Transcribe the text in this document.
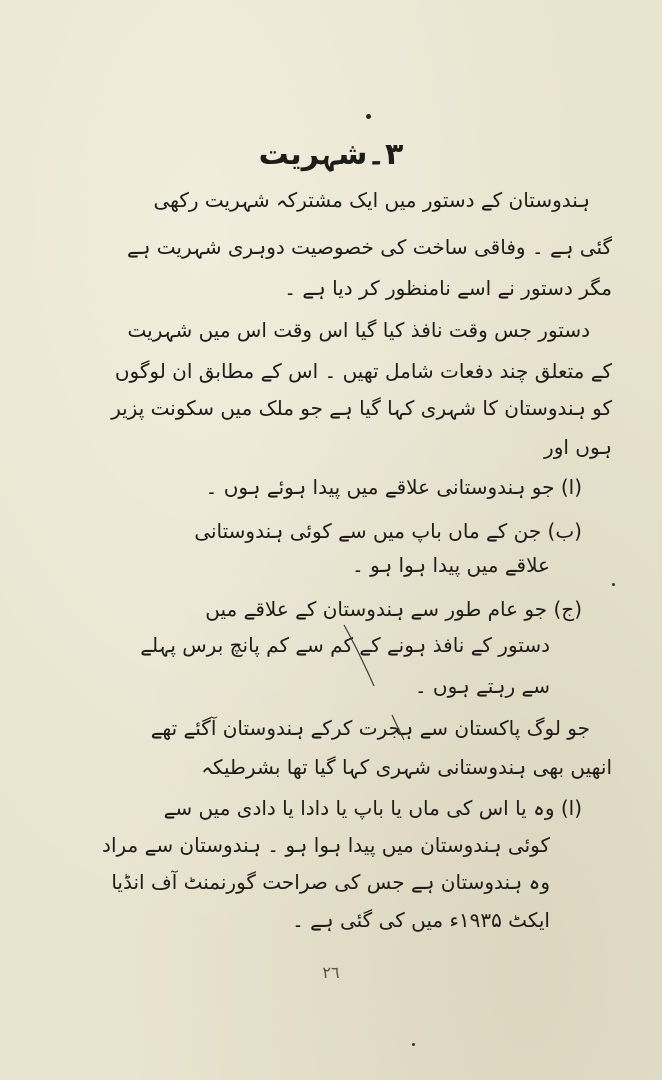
٣۔شہریت
ہندوستان کے دستور میں ایک مشترکہ شہریت رکھی
گئی ہے ۔ وفاقی ساخت کی خصوصیت دوہری شہریت ہے
مگر دستور نے اسے نامنظور کر دیا ہے ۔
دستور جس وقت نافذ کیا گیا اس وقت اس میں شہریت
کے متعلق چند دفعات شامل تھیں ۔ اس کے مطابق ان لوگوں
کو ہندوستان کا شہری کہا گیا ہے جو ملک میں سکونت پزیر
ہوں اور
(ا) جو ہندوستانی علاقے میں پیدا ہوئے ہوں ۔
(ب) جن کے ماں باپ میں سے کوئی ہندوستانی
علاقے میں پیدا ہوا ہو ۔
(ج) جو عام طور سے ہندوستان کے علاقے میں
دستور کے نافذ ہونے کے کم سے کم پانچ برس پہلے
سے رہتے ہوں ۔
جو لوگ پاکستان سے ہجرت کرکے ہندوستان آگئے تھے
انھیں بھی ہندوستانی شہری کہا گیا تھا بشرطیکہ
(ا) وہ یا اس کی ماں یا باپ یا دادا یا دادی میں سے
کوئی ہندوستان میں پیدا ہوا ہو ۔ ہندوستان سے مراد
وہ ہندوستان ہے جس کی صراحت گورنمنٹ آف انڈیا
ایکٹ ۱۹۳۵ء میں کی گئی ہے ۔
٢٦
